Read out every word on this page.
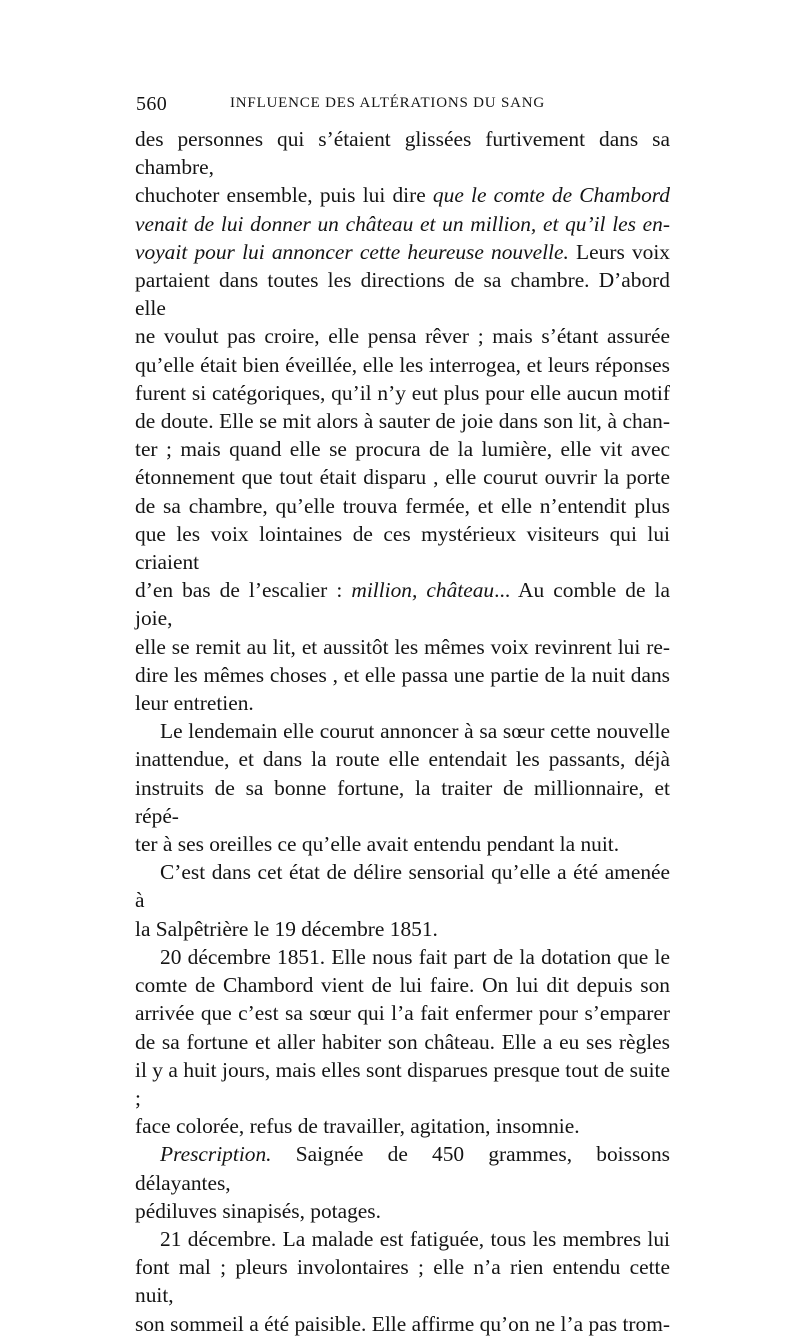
560	INFLUENCE DES ALTÉRATIONS DU SANG

des personnes qui s’étaient glissées furtivement dans sa chambre,

chuchoter ensemble, puis lui dire que le comte de Chambord

venait de lui donner un château et un million, et qu’il les en-

voyait pour lui annoncer cette heureuse nouvelle. Leurs voix

partaient dans toutes les directions de sa chambre. D’abord elle

ne voulut pas croire, elle pensa rêver ; mais s’étant assurée

qu’elle était bien éveillée, elle les interrogea, et leurs réponses

furent si catégoriques, qu’il n’y eut plus pour elle aucun motif

de doute. Elle se mit alors à sauter de joie dans son lit, à chan-

ter ; mais quand elle se procura de la lumière, elle vit avec

étonnement que tout était disparu , elle courut ouvrir la porte

de sa chambre, qu’elle trouva fermée, et elle n’entendit plus

que les voix lointaines de ces mystérieux visiteurs qui lui criaient

d’en bas de l’escalier : million, château... Au comble de la joie,

elle se remit au lit, et aussitôt les mêmes voix revinrent lui re-

dire les mêmes choses , et elle passa une partie de la nuit dans

leur entretien.

Le lendemain elle courut annoncer à sa sœur cette nouvelle

inattendue, et dans la route elle entendait les passants, déjà

instruits de sa bonne fortune, la traiter de millionnaire, et répé-

ter à ses oreilles ce qu’elle avait entendu pendant la nuit.

C’est dans cet état de délire sensorial qu’elle a été amenée à

la Salpêtrière le 19 décembre 1851.

20 décembre 1851. Elle nous fait part de la dotation que le

comte de Chambord vient de lui faire. On lui dit depuis son

arrivée que c’est sa sœur qui l’a fait enfermer pour s’emparer

de sa fortune et aller habiter son château. Elle a eu ses règles

il y a huit jours, mais elles sont disparues presque tout de suite ;

face colorée, refus de travailler, agitation, insomnie.

Prescription. Saignée de 450 grammes, boissons délayantes,

pédiluves sinapisés, potages.

21 décembre. La malade est fatiguée, tous les membres lui

font mal ; pleurs involontaires ; elle n’a rien entendu cette nuit,

son sommeil a été paisible. Elle affirme qu’on ne l’a pas trom-
